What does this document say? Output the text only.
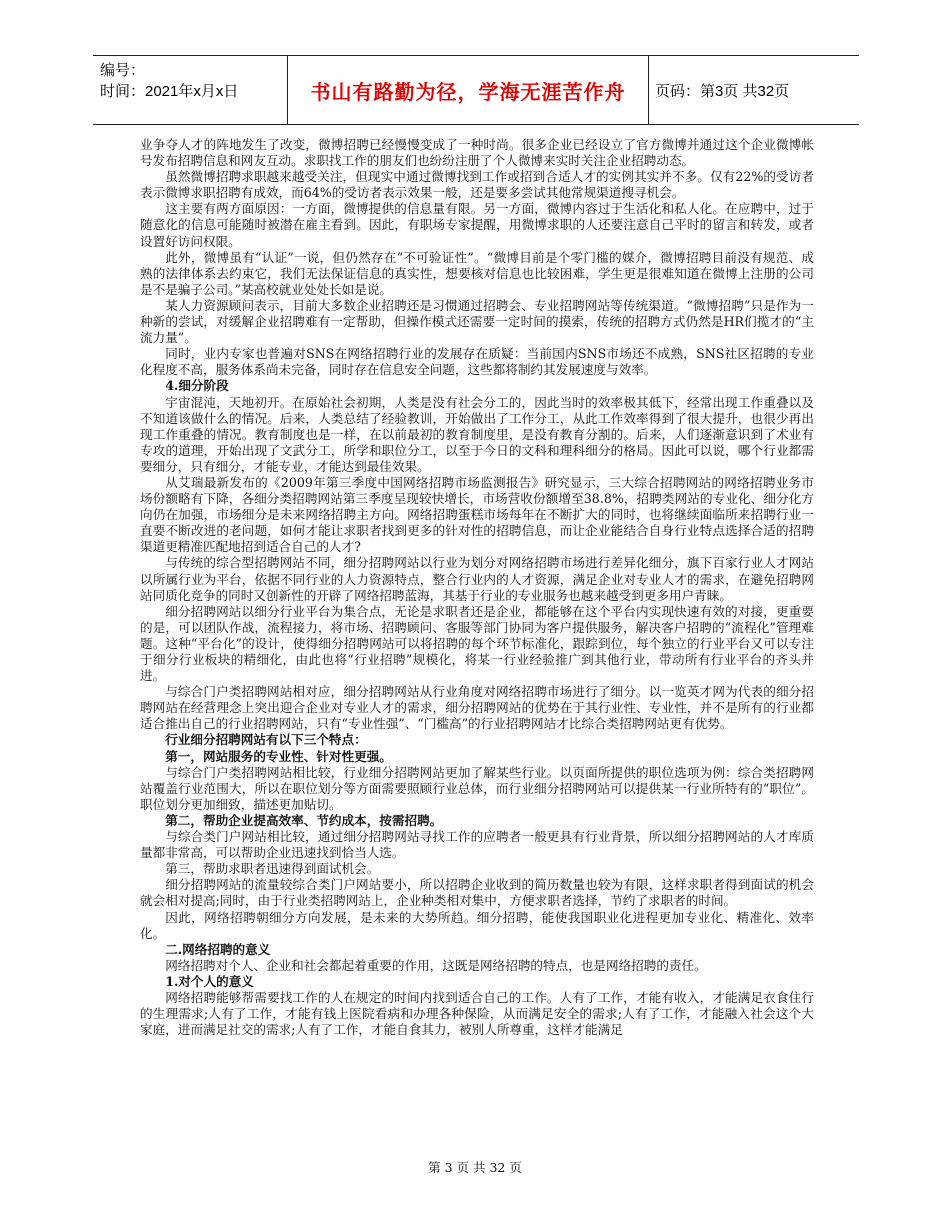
编号：
时间：2021年x月x日	书山有路勤为径，学海无涯苦作舟	页码：第3页 共32页

业争夺人才的阵地发生了改变，微博招聘已经慢慢变成了一种时尚。很多企业已经设立了官方微博并通过这个企业微博帐号发布招聘信息和网友互动。求职找工作的朋友们也纷纷注册了个人微博来实时关注企业招聘动态。

虽然微博招聘求职越来越受关注，但现实中通过微博找到工作或招到合适人才的实例其实并不多。仅有22%的受访者表示微博求职招聘有成效，而64%的受访者表示效果一般，还是要多尝试其他常规渠道搜寻机会。

这主要有两方面原因：一方面，微博提供的信息量有限。另一方面，微博内容过于生活化和私人化。在应聘中，过于随意化的信息可能随时被潜在雇主看到。因此，有职场专家提醒，用微博求职的人还要注意自己平时的留言和转发，或者设置好访问权限。

此外，微博虽有“认证”一说，但仍然存在“不可验证性”。“微博目前是个零门槛的媒介，微博招聘目前没有规范、成熟的法律体系去约束它，我们无法保证信息的真实性，想要核对信息也比较困难，学生更是很难知道在微博上注册的公司是不是骗子公司。”某高校就业处处长如是说。

某人力资源顾问表示，目前大多数企业招聘还是习惯通过招聘会、专业招聘网站等传统渠道。“微博招聘”只是作为一种新的尝试，对缓解企业招聘难有一定帮助，但操作模式还需要一定时间的摸索，传统的招聘方式仍然是HR们揽才的“主流力量”。

同时，业内专家也普遍对SNS在网络招聘行业的发展存在质疑：当前国内SNS市场还不成熟，SNS社区招聘的专业化程度不高，服务体系尚未完备，同时存在信息安全问题，这些都将制约其发展速度与效率。

4.细分阶段

宇宙混沌，天地初开。在原始社会初期，人类是没有社会分工的，因此当时的效率极其低下，经常出现工作重叠以及不知道该做什么的情况。后来，人类总结了经验教训，开始做出了工作分工，从此工作效率得到了很大提升，也很少再出现工作重叠的情况。教育制度也是一样，在以前最初的教育制度里，是没有教育分割的。后来，人们逐渐意识到了术业有专攻的道理，开始出现了文武分工，所学和职位分工，以至于今日的文科和理科细分的格局。因此可以说，哪个行业都需要细分，只有细分，才能专业，才能达到最佳效果。

从艾瑞最新发布的《2009年第三季度中国网络招聘市场监测报告》研究显示，三大综合招聘网站的网络招聘业务市场份额略有下降，各细分类招聘网站第三季度呈现较快增长，市场营收份额增至38.8%，招聘类网站的专业化、细分化方向仍在加强，市场细分是未来网络招聘主方向。网络招聘蛋糕市场每年在不断扩大的同时，也将继续面临所来招聘行业一直要不断改进的老问题，如何才能让求职者找到更多的针对性的招聘信息，而让企业能结合自身行业特点选择合适的招聘渠道更精准匹配地招到适合自己的人才?

与传统的综合型招聘网站不同，细分招聘网站以行业为划分对网络招聘市场进行差异化细分，旗下百家行业人才网站以所属行业为平台，依据不同行业的人力资源特点，整合行业内的人才资源，满足企业对专业人才的需求，在避免招聘网站同质化竞争的同时又创新性的开辟了网络招聘蓝海，其基于行业的专业服务也越来越受到更多用户青睐。

细分招聘网站以细分行业平台为集合点，无论是求职者还是企业，都能够在这个平台内实现快速有效的对接，更重要的是，可以团队作战，流程接力，将市场、招聘顾问、客服等部门协同为客户提供服务，解决客户招聘的“流程化”管理难题。这种“平台化”的设计，使得细分招聘网站可以将招聘的每个环节标准化，跟踪到位，每个独立的行业平台又可以专注于细分行业板块的精细化，由此也将“行业招聘”规模化，将某一行业经验推广到其他行业，带动所有行业平台的齐头并进。

与综合门户类招聘网站相对应，细分招聘网站从行业角度对网络招聘市场进行了细分。以一览英才网为代表的细分招聘网站在经营理念上突出迎合企业对专业人才的需求，细分招聘网站的优势在于其行业性、专业性，并不是所有的行业都适合推出自己的行业招聘网站，只有“专业性强”、“门槛高”的行业招聘网站才比综合类招聘网站更有优势。

行业细分招聘网站有以下三个特点：

第一，网站服务的专业性、针对性更强。

与综合门户类招聘网站相比较，行业细分招聘网站更加了解某些行业。以页面所提供的职位选项为例：综合类招聘网站覆盖行业范围大，所以在职位划分等方面需要照顾行业总体，而行业细分招聘网站可以提供某一行业所特有的“职位”。职位划分更加细致，描述更加贴切。

第二，帮助企业提高效率、节约成本，按需招聘。

与综合类门户网站相比较，通过细分招聘网站寻找工作的应聘者一般更具有行业背景，所以细分招聘网站的人才库质量都非常高，可以帮助企业迅速找到恰当人选。

第三，帮助求职者迅速得到面试机会。

细分招聘网站的流量较综合类门户网站要小，所以招聘企业收到的简历数量也较为有限，这样求职者得到面试的机会就会相对提高;同时，由于行业类招聘网站上，企业种类相对集中，方便求职者选择，节约了求职者的时间。

因此，网络招聘朝细分方向发展，是未来的大势所趋。细分招聘，能使我国职业化进程更加专业化、精准化、效率化。

二.网络招聘的意义

网络招聘对个人、企业和社会都起着重要的作用，这既是网络招聘的特点，也是网络招聘的责任。

1.对个人的意义

网络招聘能够帮需要找工作的人在规定的时间内找到适合自己的工作。人有了工作，才能有收入，才能满足衣食住行的生理需求;人有了工作，才能有钱上医院看病和办理各种保险，从而满足安全的需求;人有了工作，才能融入社会这个大家庭，进而满足社交的需求;人有了工作，才能自食其力，被别人所尊重，这样才能满足

第 3 页 共 32 页
